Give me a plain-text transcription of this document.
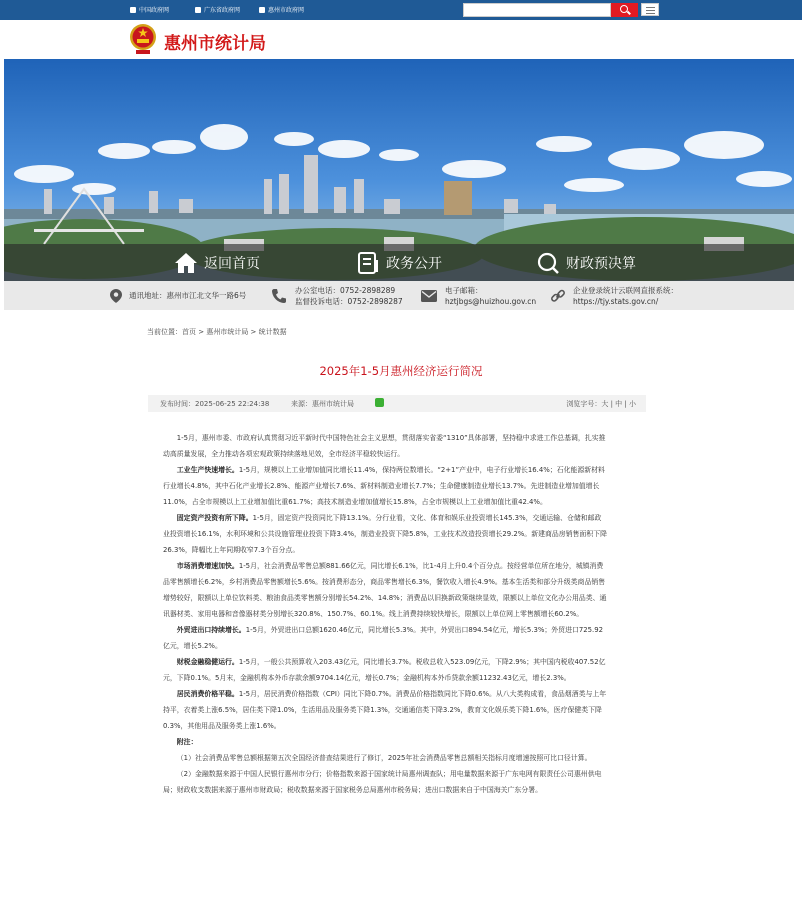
中国政府网	广东省政府网	惠州市政府网
惠州市统计局
返回首页	政务公开	财政预决算
通讯地址：惠州市江北文华一路6号
办公室电话：0752-2898289
监督投诉电话：0752-2898287
电子邮箱：
hztjbgs@huizhou.gov.cn
企业登录统计云联网直报系统：
https://tjy.stats.gov.cn/
当前位置：首页 > 惠州市统计局 > 统计数据
2025年1-5月惠州经济运行简况
发布时间：2025-06-25 22:24:38	来源：惠州市统计局	浏览字号：大 | 中 | 小

1-5月，惠州市委、市政府认真贯彻习近平新时代中国特色社会主义思想，贯彻落实省委“1310”具体部署，坚持稳中求进工作总基调，扎实推动高质量发展，全力推动各项宏观政策持续落地见效，全市经济平稳较快运行。

工业生产快速增长。1-5月，规模以上工业增加值同比增长11.4%，保持两位数增长。“2+1”产业中，电子行业增长16.4%；石化能源新材料行业增长4.8%，其中石化产业增长2.8%、能源产业增长7.6%、新材料制造业增长7.7%；生命健康制造业增长13.7%。先进制造业增加值增长11.0%，占全市规模以上工业增加值比重61.7%；高技术制造业增加值增长15.8%，占全市规模以上工业增加值比重42.4%。

固定资产投资有所下降。1-5月，固定资产投资同比下降13.1%。分行业看，文化、体育和娱乐业投资增长145.3%，交通运输、仓储和邮政业投资增长16.1%，水利环境和公共设施管理业投资下降3.4%，制造业投资下降5.8%，工业技术改造投资增长29.2%。新建商品房销售面积下降26.3%，降幅比上年同期收窄7.3个百分点。

市场消费增速加快。1-5月，社会消费品零售总额881.66亿元，同比增长6.1%，比1-4月上升0.4个百分点。按经营单位所在地分，城镇消费品零售额增长6.2%，乡村消费品零售额增长5.6%。按消费形态分，商品零售增长6.3%，餐饮收入增长4.9%。基本生活类和部分升级类商品销售增势较好，限额以上单位饮料类、粮油食品类零售额分别增长54.2%、14.8%；消费品以旧换新政策继续显效，限额以上单位文化办公用品类、通讯器材类、家用电器和音像器材类分别增长320.8%、150.7%、60.1%。线上消费持续较快增长，限额以上单位网上零售额增长60.2%。

外贸进出口持续增长。1-5月，外贸进出口总额1620.46亿元，同比增长5.3%。其中，外贸出口894.54亿元，增长5.3%；外贸进口725.92亿元，增长5.2%。

财税金融稳健运行。1-5月，一般公共预算收入203.43亿元，同比增长3.7%。税收总收入523.09亿元，下降2.9%；其中国内税收407.52亿元，下降0.1%。5月末，金融机构本外币存款余额9704.14亿元，增长0.7%；金融机构本外币贷款余额11232.43亿元，增长2.3%。

居民消费价格平稳。1-5月，居民消费价格指数（CPI）同比下降0.7%。消费品价格指数同比下降0.6%。从八大类构成看，食品烟酒类与上年持平，衣着类上涨6.5%，居住类下降1.0%，生活用品及服务类下降1.3%，交通通信类下降3.2%，教育文化娱乐类下降1.6%，医疗保健类下降0.3%，其他用品及服务类上涨1.6%。

附注：

（1）社会消费品零售总额根据第五次全国经济普查结果进行了修订，2025年社会消费品零售总额相关指标月度增速按照可比口径计算。

（2）金融数据来源于中国人民银行惠州市分行；价格指数来源于国家统计局惠州调查队；用电量数据来源于广东电网有限责任公司惠州供电局；财政收支数据来源于惠州市财政局；税收数据来源于国家税务总局惠州市税务局；进出口数据来自于中国海关广东分署。
